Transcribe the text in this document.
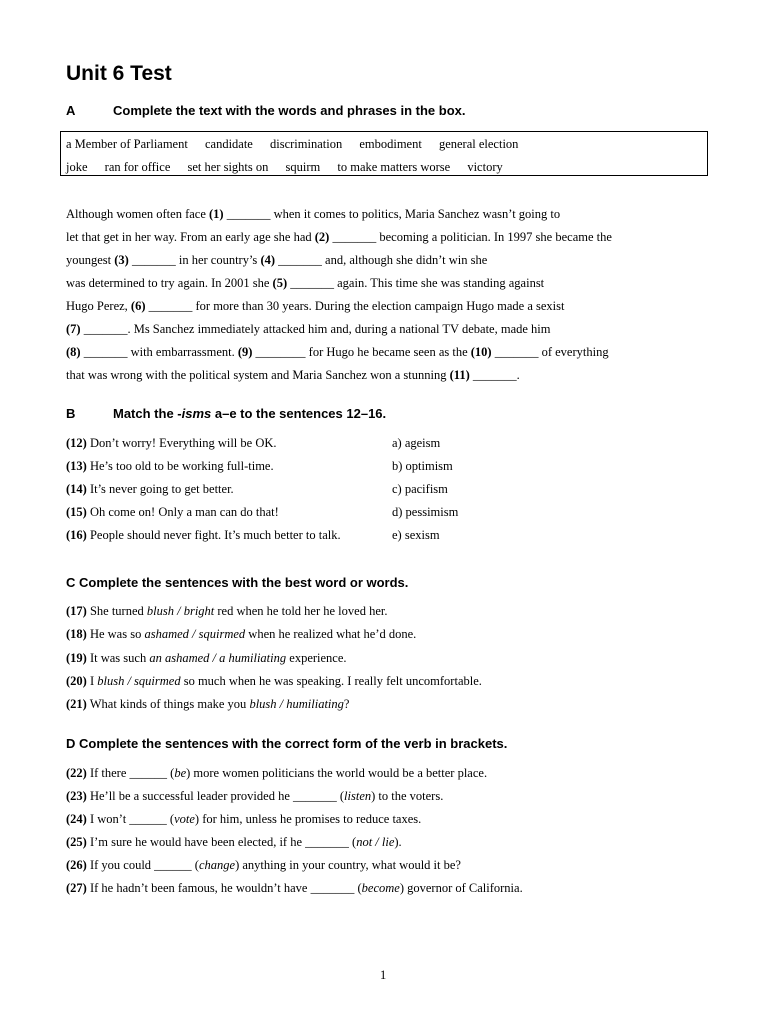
Unit 6 Test
A	Complete the text with the words and phrases in the box.
a Member of Parliament candidate discrimination embodiment general election
joke ran for office set her sights on squirm to make matters worse victory
Although women often face (1) _______ when it comes to politics, Maria Sanchez wasn’t going to
let that get in her way. From an early age she had (2) _______ becoming a politician. In 1997 she became the
youngest (3) _______ in her country’s (4) _______ and, although she didn’t win she
was determined to try again. In 2001 she (5) _______ again. This time she was standing against
Hugo Perez, (6) _______ for more than 30 years. During the election campaign Hugo made a sexist
(7) _______. Ms Sanchez immediately attacked him and, during a national TV debate, made him
(8) _______ with embarrassment. (9) ________ for Hugo he became seen as the (10) _______ of everything
that was wrong with the political system and Maria Sanchez won a stunning (11) _______.
B	Match the -isms a–e to the sentences 12–16.
(12) Don’t worry! Everything will be OK.	a) ageism
(13) He’s too old to be working full-time.	b) optimism
(14) It’s never going to get better.	c) pacifism
(15) Oh come on! Only a man can do that!	d) pessimism
(16) People should never fight. It’s much better to talk.	e) sexism
C Complete the sentences with the best word or words.
(17) She turned blush / bright red when he told her he loved her.
(18) He was so ashamed / squirmed when he realized what he’d done.
(19) It was such an ashamed / a humiliating experience.
(20) I blush / squirmed so much when he was speaking. I really felt uncomfortable.
(21) What kinds of things make you blush / humiliating?
D Complete the sentences with the correct form of the verb in brackets.
(22) If there ______ (be) more women politicians the world would be a better place.
(23) He’ll be a successful leader provided he _______ (listen) to the voters.
(24) I won’t ______ (vote) for him, unless he promises to reduce taxes.
(25) I’m sure he would have been elected, if he _______ (not / lie).
(26) If you could ______ (change) anything in your country, what would it be?
(27) If he hadn’t been famous, he wouldn’t have _______ (become) governor of California.
1
